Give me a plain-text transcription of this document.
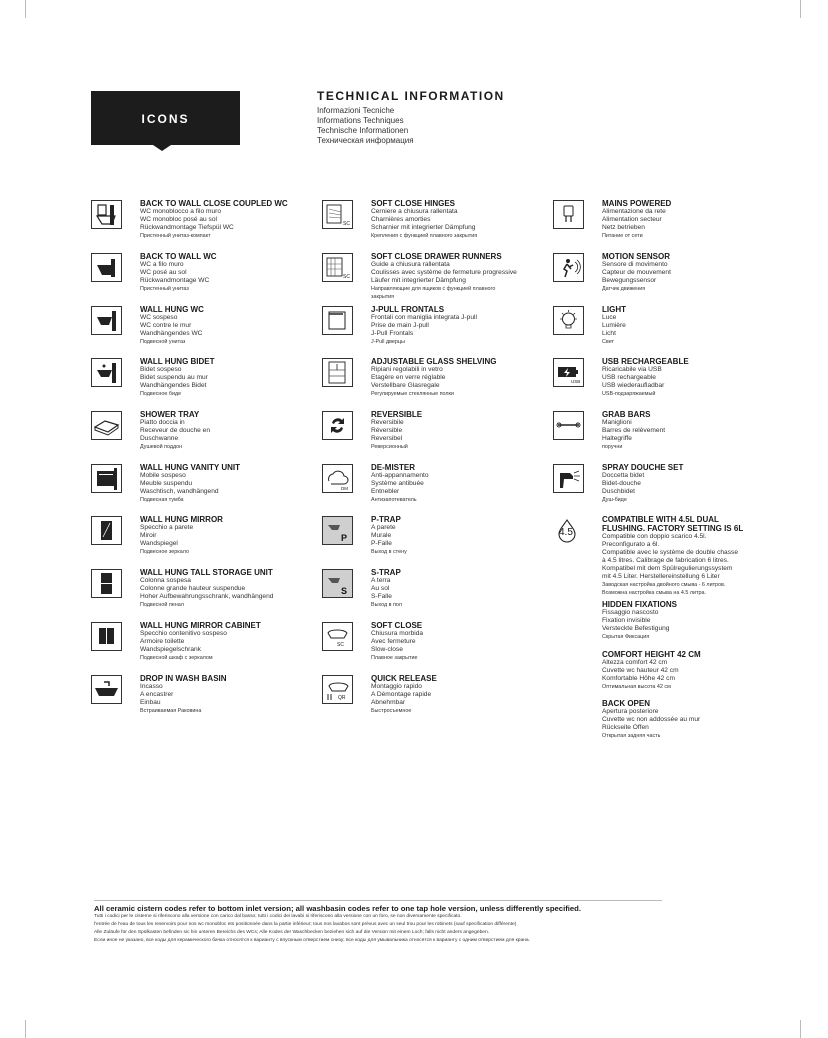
ICONS
TECHNICAL INFORMATION
Informazioni Tecniche
Informations Techniques
Technische Informationen
Техническая информация
BACK TO WALL CLOSE COUPLED WC
WC monoblocco a filo muro
WC monobloc posé au sol
Rückwandmontage Tiefspül WC
Пристенный унитаз-компакт
BACK TO WALL WC
WC a filo muro
WC posé au sol
Rückwandmontage WC
Пристенный унитаз
WALL HUNG WC
WC sospeso
WC contre le mur
Wandhängendes WC
Подвесной унитаз
WALL HUNG BIDET
Bidet sospeso
Bidet suspendu au mur
Wandhängendes Bidet
Подвесное биде
SHOWER TRAY
Piatto doccia in
Receveur de douche en
Duschwanne
Душевой поддон
WALL HUNG VANITY UNIT
Mobile sospeso
Meuble suspendu
Waschtisch, wandhängend
Подвесная тумба
WALL HUNG MIRROR
Specchio a parete
Miroir
Wandspiegel
Подвесное зеркало
WALL HUNG TALL STORAGE UNIT
Colonna sospesa
Colonne grande hauteur suspendue
Hoher Aufbewahrungsschrank, wandhängend
Подвесной пенал
WALL HUNG MIRROR CABINET
Specchio contenitivo sospeso
Armoire toilette
Wandspiegelschrank
Подвесной шкаф с зеркалом
DROP IN WASH BASIN
Incasso
A encastrer
Einbau
Встраиваемая Раковина
SC
SOFT CLOSE HINGES
Cerniere a chiusura rallentata
Charnières amorties
Scharnier mit integrierter Dämpfung
Крепления с функцией плавного закрытия
SC
SOFT CLOSE DRAWER RUNNERS
Guide a chiusura rallentata
Coulisses avec système de fermeture progressive
Läufer mit integrierter Dämpfung
Направляющие для ящиков с функцией плавного
закрытия
J-PULL FRONTALS
Frontali con maniglia integrata J-pull
Prise de main J-pull
J-Pull Frontals
J-Pull дверцы
ADJUSTABLE GLASS SHELVING
Ripiani regolabili in vetro
Etagère en verre réglable
Verstellbare Glasregale
Регулируемые стеклянные полки
REVERSIBLE
Reversibile
Réversible
Reversibel
Реверсионный
DM
DE-MISTER
Anti-appannamento
Système antibuée
Entnebler
Антизапотеватель
P
P-TRAP
A parete
Murale
P-Falle
Выход в стену
S
S-TRAP
A terra
Au sol
S-Falle
Выход в пол
SC
SOFT CLOSE
Chiusura morbida
Avec fermeture
Slow-close
Плавное закрытие
QR
QUICK RELEASE
Montaggio rapido
A Démontage rapide
Abnehmbar
Быстросъемное
MAINS POWERED
Alimentazione da rete
Alimentation secteur
Netz betrieben
Питание от сети
MOTION SENSOR
Sensore di movimento
Capteur de mouvement
Bewegungssensor
Датчик движения
LIGHT
Luce
Lumière
Licht
Свет
USB
USB RECHARGEABLE
Ricaricabile via USB
USB rechargeable
USB wiederaufladbar
USB-подзаряжаемый
GRAB BARS
Maniglioni
Barres de relèvement
Haltegriffe
поручни
SPRAY DOUCHE SET
Doccetta bidet
Bidet-douche
Duschbidet
Душ-биде
4.5
COMPATIBLE WITH 4.5L DUAL
FLUSHING. FACTORY SETTING IS 6L
Compatible con doppio scarico 4.5l.
Preconfigurato a 6l.
Compatible avec le système de double chasse
à 4.5 litres. Calibrage de fabrication 6 litres.
Kompatibel mit dem Spülregulierungssystem
mit 4.5 Liter. Herstellereinstellung 6 Liter
Заводская настройка двойного смыва - 6 литров.
Возможна настройка смыва на 4.5 литра.
HIDDEN FIXATIONS
Fissaggio nascosto
Fixation invisible
Versteckte Befestigung
Скрытая Фиксация
COMFORT HEIGHT 42 CM
Altezza comfort 42 cm
Cuvette wc hauteur 42 cm
Komfortable Höhe 42 cm
Оптимальная высота 42 см
BACK OPEN
Apertura posteriore
Cuvette wc non addossée au mur
Rückseite Offen
Открытая задняя часть
All ceramic cistern codes refer to bottom inlet version; all washbasin codes refer to one tap hole version, unless differently specified.
Tutti i codici per le cisterne si riferiscono alla versione con carico dal basso; tutti i codici dei lavabi si riferiscono alla versione con un foro, se non diversamente specificato.
l'entrée de l'eau de tous les reservoirs pour nos wc monobloc ets positionnée dans la partie inférieur; tous nos lavabos sont prévus avec un seul trou pour les robinets (sauf specification différente)
Alle Zuläufe für den Spülkasten befinden sic hin unteren Bereichs des WCs; Alle Kodes der Waschbecken beziehen sich auf die Version mit einem Loch; falls nicht anders angegeben.
Если иное не указано, все коды для керамического бачка относятся к варианту с впускным отверстием снизу; все коды для умывальника относятся к варианту с одним отверстием для крана.
